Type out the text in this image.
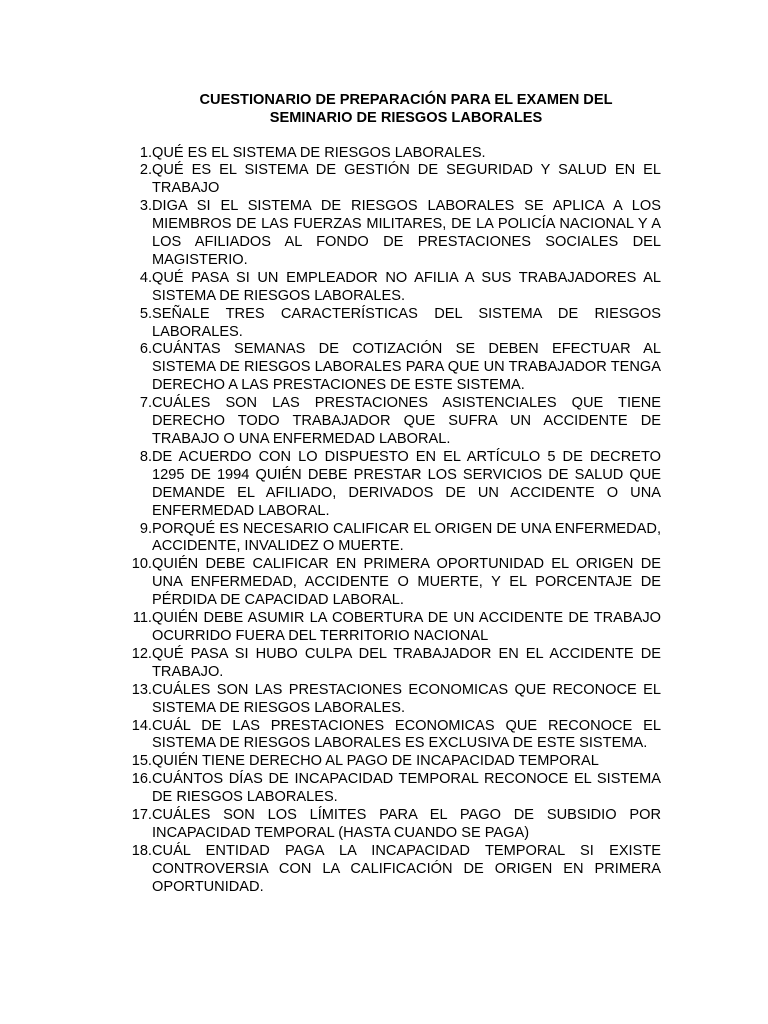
CUESTIONARIO DE PREPARACIÓN PARA EL EXAMEN DEL
SEMINARIO DE RIESGOS LABORALES
1. QUÉ ES EL SISTEMA DE RIESGOS LABORALES.
2. QUÉ ES EL SISTEMA DE GESTIÓN DE SEGURIDAD Y SALUD EN EL TRABAJO
3. DIGA SI EL SISTEMA DE RIESGOS LABORALES SE APLICA A LOS MIEMBROS DE LAS FUERZAS MILITARES, DE LA POLICÍA NACIONAL Y A LOS AFILIADOS AL FONDO DE PRESTACIONES SOCIALES DEL MAGISTERIO.
4. QUÉ PASA SI UN EMPLEADOR NO AFILIA A SUS TRABAJADORES AL SISTEMA DE RIESGOS LABORALES.
5. SEÑALE TRES CARACTERÍSTICAS DEL SISTEMA DE RIESGOS LABORALES.
6. CUÁNTAS SEMANAS DE COTIZACIÓN SE DEBEN EFECTUAR AL SISTEMA DE RIESGOS LABORALES PARA QUE UN TRABAJADOR TENGA DERECHO A LAS PRESTACIONES DE ESTE SISTEMA.
7. CUÁLES SON LAS PRESTACIONES ASISTENCIALES QUE TIENE DERECHO TODO TRABAJADOR QUE SUFRA UN ACCIDENTE DE TRABAJO O UNA ENFERMEDAD LABORAL.
8. DE ACUERDO CON LO DISPUESTO EN EL ARTÍCULO 5 DE DECRETO 1295 DE 1994 QUIÉN DEBE PRESTAR LOS SERVICIOS DE SALUD QUE DEMANDE EL AFILIADO, DERIVADOS DE UN ACCIDENTE O UNA ENFERMEDAD LABORAL.
9. PORQUÉ ES NECESARIO CALIFICAR EL ORIGEN DE UNA ENFERMEDAD, ACCIDENTE, INVALIDEZ O MUERTE.
10. QUIÉN DEBE CALIFICAR EN PRIMERA OPORTUNIDAD EL ORIGEN DE UNA ENFERMEDAD, ACCIDENTE O MUERTE, Y EL PORCENTAJE DE PÉRDIDA DE CAPACIDAD LABORAL.
11. QUIÉN DEBE ASUMIR LA COBERTURA DE UN ACCIDENTE DE TRABAJO OCURRIDO FUERA DEL TERRITORIO NACIONAL
12. QUÉ PASA SI HUBO CULPA DEL TRABAJADOR EN EL ACCIDENTE DE TRABAJO.
13. CUÁLES SON LAS PRESTACIONES ECONOMICAS QUE RECONOCE EL SISTEMA DE RIESGOS LABORALES.
14. CUÁL DE LAS PRESTACIONES ECONOMICAS QUE RECONOCE EL SISTEMA DE RIESGOS LABORALES ES EXCLUSIVA DE ESTE SISTEMA.
15. QUIÉN TIENE DERECHO AL PAGO DE INCAPACIDAD TEMPORAL
16. CUÁNTOS DÍAS DE INCAPACIDAD TEMPORAL RECONOCE EL SISTEMA DE RIESGOS LABORALES.
17. CUÁLES SON LOS LÍMITES PARA EL PAGO DE SUBSIDIO POR INCAPACIDAD TEMPORAL (HASTA CUANDO SE PAGA)
18. CUÁL ENTIDAD PAGA LA INCAPACIDAD TEMPORAL SI EXISTE CONTROVERSIA CON LA CALIFICACIÓN DE ORIGEN EN PRIMERA OPORTUNIDAD.
